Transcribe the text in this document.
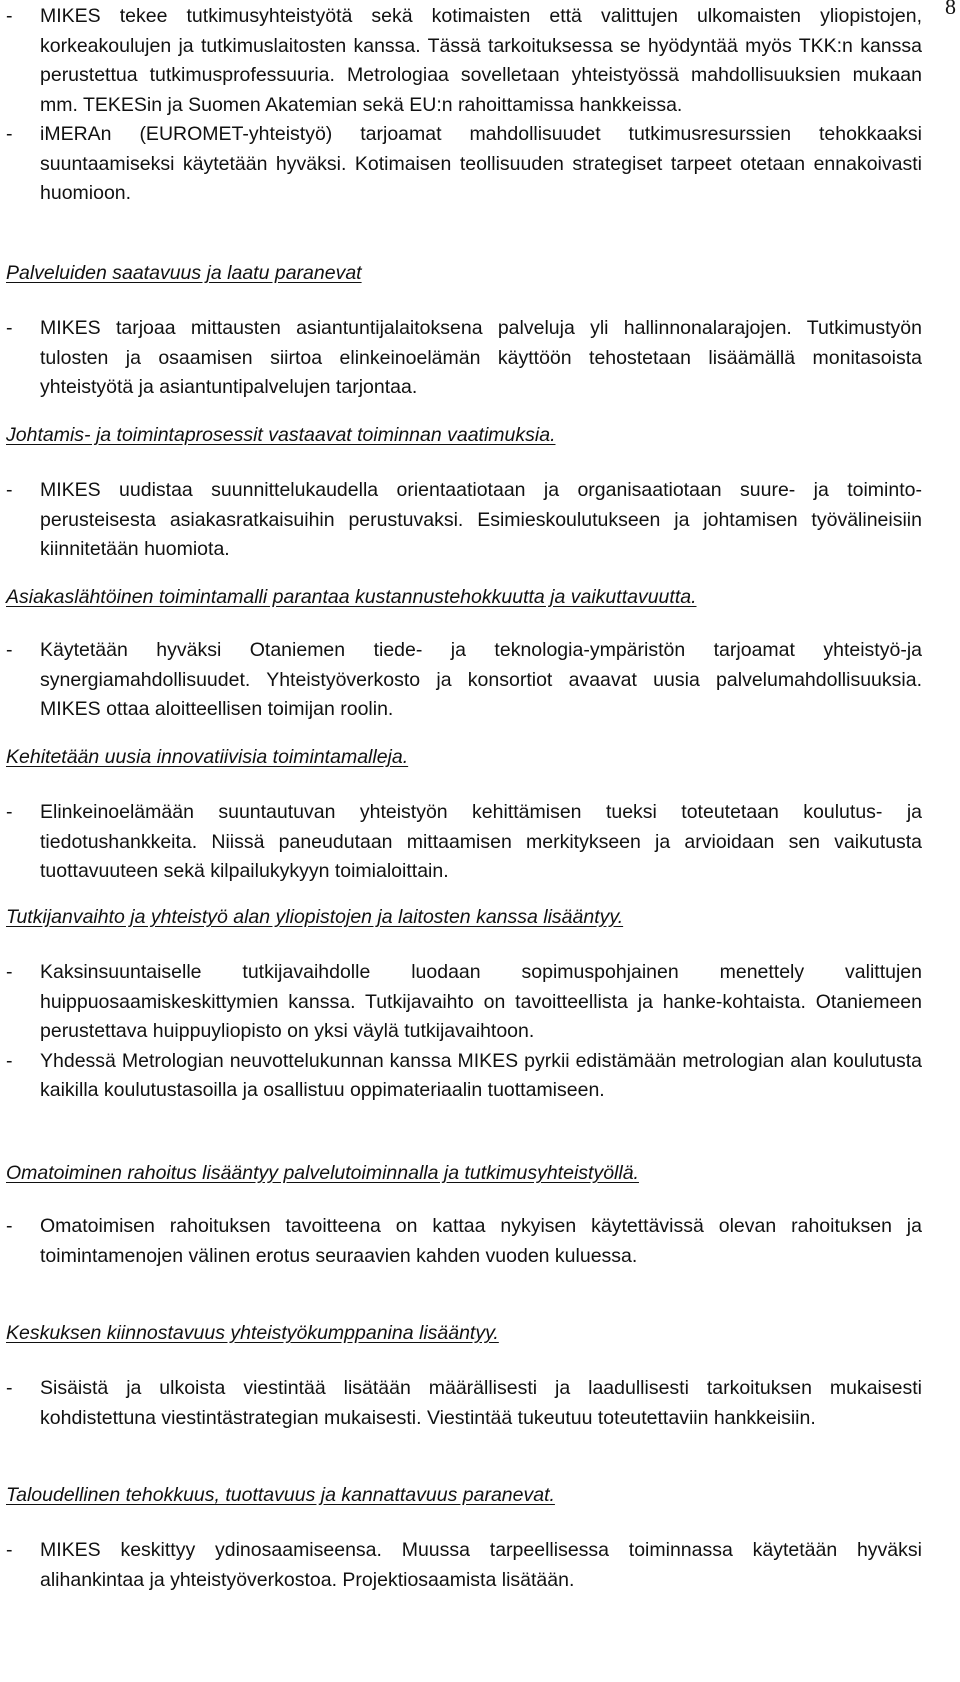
8
- MIKES tekee tutkimusyhteistyötä sekä kotimaisten että valittujen ulkomaisten yliopistojen, korkeakoulujen ja tutkimuslaitosten kanssa. Tässä tarkoituksessa se hyödyntää myös TKK:n kanssa perustettua tutkimusprofessuuria. Metrologiaa sovelletaan yhteistyössä mahdollisuuksien mukaan mm. TEKESin ja Suomen Akatemian sekä EU:n rahoittamissa hankkeissa.
- iMERAn (EUROMET-yhteistyö) tarjoamat mahdollisuudet tutkimusresurssien tehokkaaksi suuntaamiseksi käytetään hyväksi. Kotimaisen teollisuuden strategiset tarpeet otetaan ennakoivasti huomioon.
Palveluiden saatavuus ja laatu paranevat
- MIKES tarjoaa mittausten asiantuntijalaitoksena palveluja yli hallinnonalarajojen. Tutkimustyön tulosten ja osaamisen siirtoa elinkeinoelämän käyttöön tehostetaan lisäämällä monitasoista yhteistyötä ja asiantuntipalvelujen tarjontaa.
Johtamis- ja toimintaprosessit vastaavat toiminnan vaatimuksia.
- MIKES uudistaa suunnittelukaudella orientaatiotaan ja organisaatiotaan suure- ja toiminto-perusteisesta asiakasratkaisuihin perustuvaksi. Esimieskoulutukseen ja johtamisen työvälineisiin kiinnitetään huomiota.
Asiakaslähtöinen toimintamalli parantaa kustannustehokkuutta ja vaikuttavuutta.
- Käytetään hyväksi Otaniemen tiede- ja teknologia-ympäristön tarjoamat yhteistyö-ja synergiamahdollisuudet. Yhteistyöverkosto ja konsortiot avaavat uusia palvelumahdollisuuksia. MIKES ottaa aloitteellisen toimijan roolin.
Kehitetään uusia innovatiivisia toimintamalleja.
- Elinkeinoelämään suuntautuvan yhteistyön kehittämisen tueksi toteutetaan koulutus- ja tiedotushankkeita. Niissä paneudutaan mittaamisen merkitykseen ja arvioidaan sen vaikutusta tuottavuuteen sekä kilpailukykyyn toimialoittain.
Tutkijanvaihto ja yhteistyö alan yliopistojen ja laitosten kanssa lisääntyy.
- Kaksinsuuntaiselle tutkijavaihdolle luodaan sopimuspohjainen menettely valittujen huippuosaamiskeskittymien kanssa. Tutkijavaihto on tavoitteellista ja hanke-kohtaista. Otaniemeen perustettava huippuyliopisto on yksi väylä tutkijavaihtoon.
- Yhdessä Metrologian neuvottelukunnan kanssa MIKES pyrkii edistämään metrologian alan koulutusta kaikilla koulutustasoilla ja osallistuu oppimateriaalin tuottamiseen.
Omatoiminen rahoitus lisääntyy palvelutoiminnalla ja tutkimusyhteistyöllä.
- Omatoimisen rahoituksen tavoitteena on kattaa nykyisen käytettävissä olevan rahoituksen ja toimintamenojen välinen erotus seuraavien kahden vuoden kuluessa.
Keskuksen kiinnostavuus yhteistyökumppanina lisääntyy.
- Sisäistä ja ulkoista viestintää lisätään määrällisesti ja laadullisesti tarkoituksen mukaisesti kohdistettuna viestintästrategian mukaisesti. Viestintää tukeutuu toteutettaviin hankkeisiin.
Taloudellinen tehokkuus, tuottavuus ja kannattavuus paranevat.
- MIKES keskittyy ydinosaamiseensa. Muussa tarpeellisessa toiminnassa käytetään hyväksi alihankintaa ja yhteistyöverkostoa. Projektiosaamista lisätään.
